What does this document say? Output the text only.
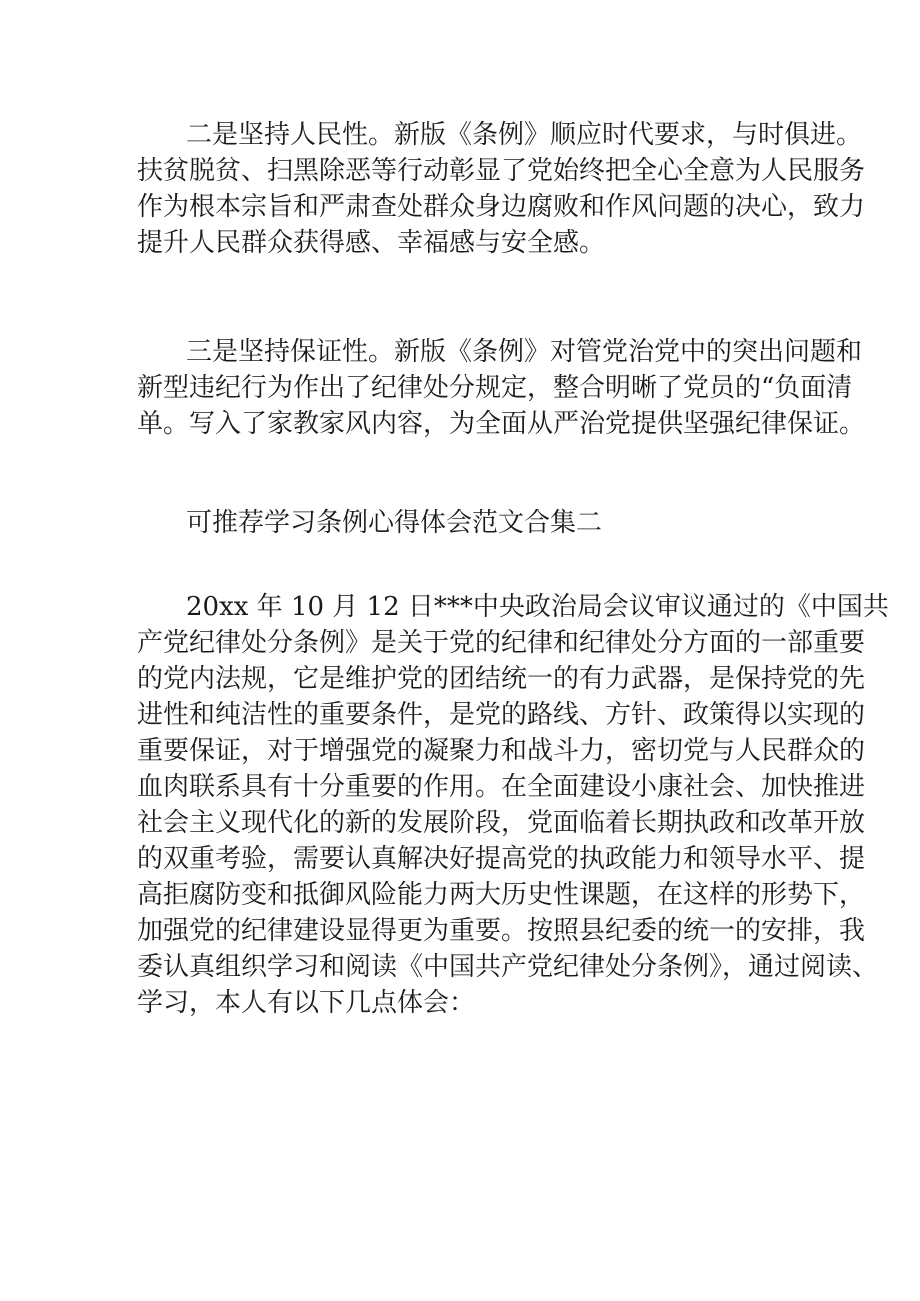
二是坚持人民性。新版《条例》顺应时代要求，与时俱进。
扶贫脱贫、扫黑除恶等行动彰显了党始终把全心全意为人民服务
作为根本宗旨和严肃查处群众身边腐败和作风问题的决心，致力
提升人民群众获得感、幸福感与安全感。

三是坚持保证性。新版《条例》对管党治党中的突出问题和
新型违纪行为作出了纪律处分规定，整合明晰了党员的“负面清
单。写入了家教家风内容，为全面从严治党提供坚强纪律保证。

可推荐学习条例心得体会范文合集二

20xx 年 10 月 12 日***中央政治局会议审议通过的《中国共
产党纪律处分条例》是关于党的纪律和纪律处分方面的一部重要
的党内法规，它是维护党的团结统一的有力武器，是保持党的先
进性和纯洁性的重要条件，是党的路线、方针、政策得以实现的
重要保证，对于增强党的凝聚力和战斗力，密切党与人民群众的
血肉联系具有十分重要的作用。在全面建设小康社会、加快推进
社会主义现代化的新的发展阶段，党面临着长期执政和改革开放
的双重考验，需要认真解决好提高党的执政能力和领导水平、提
高拒腐防变和抵御风险能力两大历史性课题，在这样的形势下，
加强党的纪律建设显得更为重要。按照县纪委的统一的安排，我
委认真组织学习和阅读《中国共产党纪律处分条例》，通过阅读、
学习，本人有以下几点体会：
